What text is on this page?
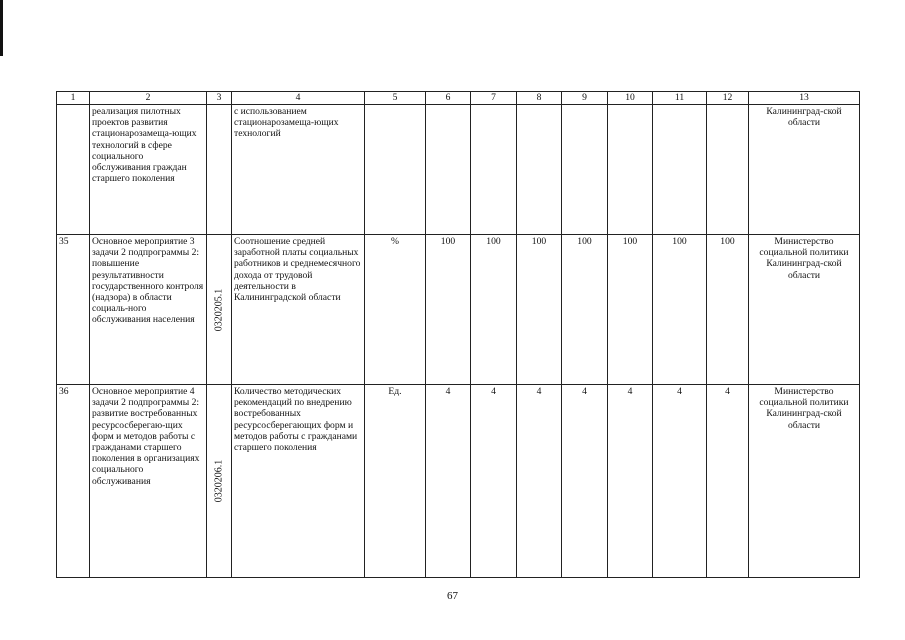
1	2	3	4	5	6	7	8	9	10	11	12	13
	реализация пилотных проектов развития стационарозамеща-ющих технологий в сфере социального обслуживания граждан старшего поколения		с использованием стационарозамеща-ющих технологий									Калининград-ской области
35	Основное мероприятие 3 задачи 2 подпрограммы 2: повышение результативности государственного контроля (надзора) в области социаль-ного обслуживания населения	0320205.1	Соотношение средней заработной платы социальных работников и среднемесячного дохода от трудовой деятельности в Калининградской области	%	100	100	100	100	100	100	100	Министерство социальной политики Калининград-ской области
36	Основное мероприятие 4 задачи 2 подпрограммы 2: развитие востребованных ресурсосберегаю-щих форм и методов работы с гражданами старшего поколения в организациях социального обслуживания	0320206.1	Количество методических рекомендаций по внедрению востребованных ресурсосберегающих форм и методов работы с гражданами старшего поколения	Ед.	4	4	4	4	4	4	4	Министерство социальной политики Калининград-ской области
67
